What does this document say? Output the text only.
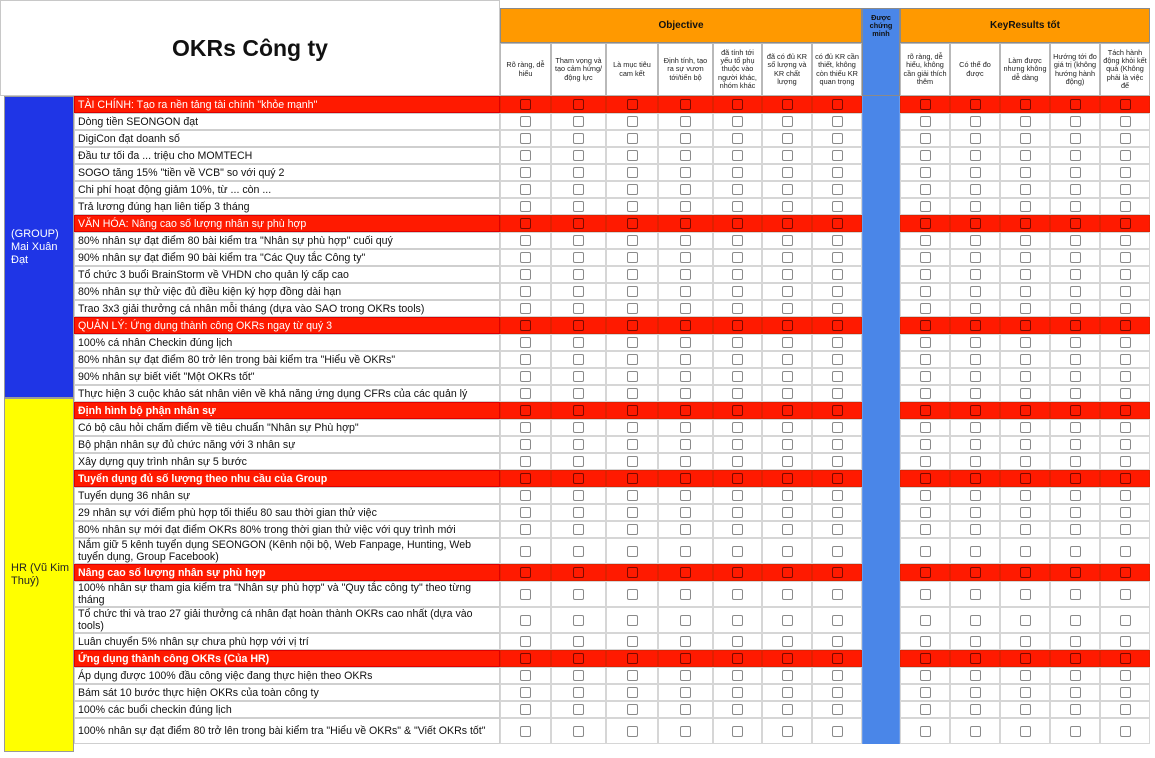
OKRs Công ty
Objective
Được chứng minh
KeyResults tốt
Rõ ràng, dễ hiểu
Tham vọng và tạo cảm hứng/động lực
Là mục tiêu cam kết
Định tính, tạo ra sự vươn tới/tiến bộ
đã tính tới yếu tố phụ thuộc vào người khác, nhóm khác
đã có đủ KR số lượng và KR chất lượng
có đủ KR cần thiết, không còn thiếu KR quan trọng
rõ ràng, dễ hiểu, không cần giải thích thêm
Có thể đo được
Làm được nhưng không dễ dàng
Hướng tới đo giá trị (không hướng hành động)
Tách hành động khỏi kết quả (Không phải là việc để
(GROUP) Mai Xuân Đạt
HR (Vũ Kim Thuý)
TÀI CHÍNH: Tạo ra nền tảng tài chính "khỏe mạnh"
Dòng tiền SEONGON đạt
DigiCon đạt doanh số
Đầu tư tối đa ... triệu cho MOMTECH
SOGO tăng 15% "tiền về VCB" so với quý 2
Chi phí hoạt động giảm 10%, từ ... còn ...
Trả lương đúng hạn liên tiếp 3 tháng
VĂN HÓA: Nâng cao số lượng nhân sự phù hợp
80% nhân sự đạt điểm 80 bài kiểm tra "Nhân sự phù hợp" cuối quý
90% nhân sự đạt điểm 90 bài kiểm tra "Các Quy tắc Công ty"
Tổ chức 3 buổi BrainStorm về VHDN cho quản lý cấp cao
80% nhân sự thử việc đủ điều kiện ký hợp đồng dài hạn
Trao 3x3 giải thưởng cá nhân mỗi tháng (dựa vào SAO trong OKRs tools)
QUẢN LÝ: Ứng dụng thành công OKRs ngay từ quý 3
100% cá nhân Checkin đúng lịch
80% nhân sự đạt điểm 80 trở lên trong bài kiểm tra "Hiểu về OKRs"
90% nhân sự biết viết "Một OKRs tốt"
Thực hiện 3 cuộc khảo sát nhân viên về khả năng ứng dụng CFRs của các quản lý
Định hình bộ phận nhân sự
Có bộ câu hỏi chấm điểm về tiêu chuẩn "Nhân sự Phù hợp"
Bộ phận nhân sự đủ chức năng với 3 nhân sự
Xây dựng quy trình nhân sự 5 bước
Tuyển dụng đủ số lượng theo nhu cầu của Group
Tuyển dụng 36 nhân sự
29 nhân sự với điểm phù hợp tối thiểu 80 sau thời gian thử việc
80% nhân sự mới đạt điểm OKRs 80% trong thời gian thử việc với quy trình mới
Nắm giữ 5 kênh tuyển dụng SEONGON (Kênh nội bộ, Web Fanpage, Hunting, Web tuyển dụng, Group Facebook)
Nâng cao số lượng nhân sự phù hợp
100% nhân sự tham gia kiểm tra "Nhân sự phù hợp" và "Quy tắc công ty" theo từng tháng
Tổ chức thi và trao 27 giải thưởng cá nhân đạt hoàn thành OKRs cao nhất (dựa vào tools)
Luân chuyển 5% nhân sự chưa phù hợp với vị trí
Ứng dụng thành công OKRs (Của HR)
Áp dụng được 100% đầu công việc đang thực hiện theo OKRs
Bám sát 10 bước thực hiện OKRs của toàn công ty
100% các buổi checkin đúng lịch
100% nhân sự đạt điểm 80 trở lên trong bài kiểm tra "Hiểu về OKRs" & "Viết OKRs tốt"
